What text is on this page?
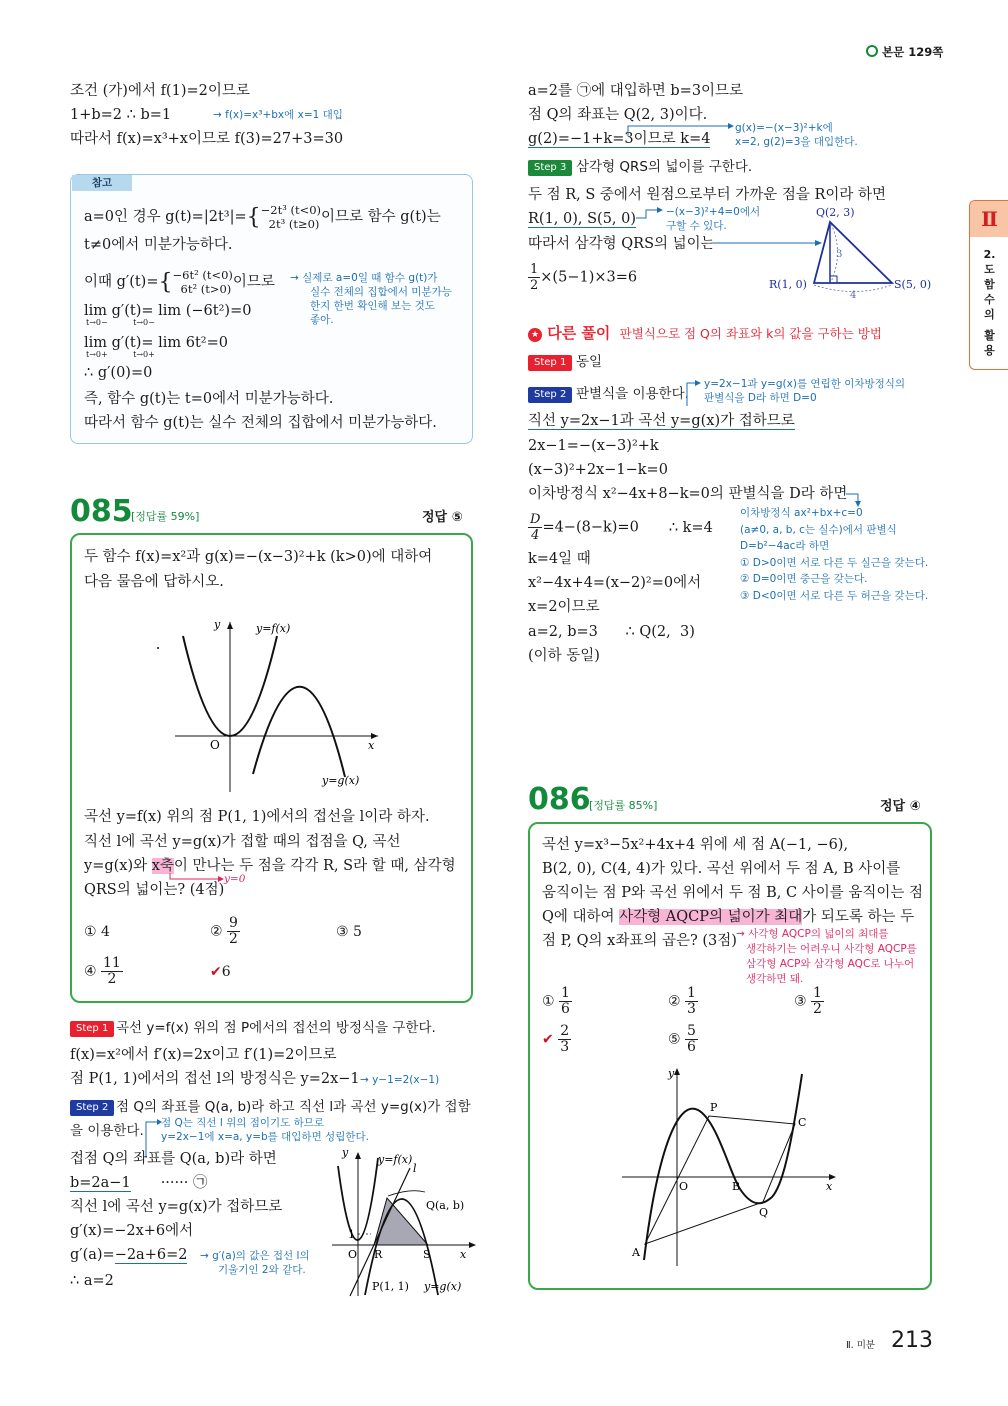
본문 129쪽
Ⅱ
2.
도
함
수
의
활
용
조건 (가)에서 f(1)=2이므로
1+b=2 ∴ b=1	→ f(x)=x³+bx에 x=1 대입
따라서 f(x)=x³+x이므로 f(3)=27+3=30
참고
a=0인 경우 g(t)=|2t³|={ −2t³ (t<0)
2t³ (t≥0) 이므로 함수 g(t)는
t≠0에서 미분가능하다.
이때 g′(t)={ −6t² (t<0)
6t² (t>0) 이므로 → 실제로 a=0일 때 함수 g(t)가
실수 전체의 집합에서 미분가능
한지 한번 확인해 보는 것도
좋아.
lim g′(t)= lim (−6t²)=0
t→0−          t→0−
lim g′(t)= lim 6t²=0
t→0+          t→0+
∴ g′(0)=0
즉, 함수 g(t)는 t=0에서 미분가능하다.
따라서 함수 g(t)는 실수 전체의 집합에서 미분가능하다.
085
[정답률 59%]	정답 ⑤
두 함수 f(x)=x²과 g(x)=−(x−3)²+k (k>0)에 대하여
다음 물음에 답하시오.
y
x
O
y=f(x)
y=g(x)
곡선 y=f(x) 위의 점 P(1, 1)에서의 접선을 l이라 하자.
직선 l에 곡선 y=g(x)가 접할 때의 접점을 Q, 곡선
y=g(x)와 x축이 만나는 두 점을 각각 R, S라 할 때, 삼각형
y=0
QRS의 넓이는? (4점)
① 4	② $\frac{9}{2}$	③ 5
④ $\frac{11}{2}$	✔6
Step 1 곡선 y=f(x) 위의 점 P에서의 접선의 방정식을 구한다.
f(x)=x²에서 f′(x)=2x이고 f′(1)=2이므로
점 P(1, 1)에서의 접선 l의 방정식은 y=2x−1 → y−1=2(x−1)
Step 2 점 Q의 좌표를 Q(a, b)라 하고 직선 l과 곡선 y=g(x)가 접함
을 이용한다. 점 Q는 직선 l 위의 점이기도 하므로
y=2x−1에 x=a, y=b를 대입하면 성립한다.
접점 Q의 좌표를 Q(a, b)라 하면
b=2a−1 ······ ㉠
직선 l에 곡선 y=g(x)가 접하므로
g′(x)=−2x+6에서
g′(a)=−2a+6=2 → g′(a)의 값은 접선 l의
기울기인 2와 같다.
∴ a=2
y
y=f(x)
l
Q(a, b)
1
O R	S	x
P(1, 1) y=g(x)
a=2를 ㉠에 대입하면 b=3이므로
점 Q의 좌표는 Q(2, 3)이다.
g(2)=−1+k=3이므로 k=4
g(x)=−(x−3)²+k에
x=2, g(2)=3을 대입한다.
Step 3 삼각형 QRS의 넓이를 구한다.
두 점 R, S 중에서 원점으로부터 가까운 점을 R이라 하면
R(1, 0), S(5, 0)	−(x−3)²+4=0에서
구할 수 있다.
따라서 삼각형 QRS의 넓이는
$\frac{1}{2} \times(5-1)\times 3=6$
Q(2, 3)
R(1, 0)	S(5, 0)
3
4
★ 다른 풀이 판별식으로 점 Q의 좌표와 k의 값을 구하는 방법
Step 1 동일
Step 2 판별식을 이용한다.
y=2x−1과 y=g(x)를 연립한 이차방정식의
판별식을 D라 하면 D=0
직선 y=2x−1과 곡선 y=g(x)가 접하므로
2x−1=−(x−3)²+k
(x−3)²+2x−1−k=0
이차방정식 x²−4x+8−k=0의 판별식을 D라 하면
$\frac{D}{4} =4-(8-k)=0$ ∴ k=4
이차방정식 ax²+bx+c=0
(a≠0, a, b, c는 실수)에서 판별식
D=b²−4ac라 하면
① D>0이면 서로 다른 두 실근을 갖는다.
② D=0이면 중근을 갖는다.
③ D<0이면 서로 다른 두 허근을 갖는다.
k=4일 때
x²−4x+4=(x−2)²=0에서
x=2이므로
a=2, b=3      ∴ Q(2,  3)
(이하 동일)
086
[정답률 85%]	정답 ④
곡선 y=x³−5x²+4x+4 위에 세 점 A(−1, −6),
B(2, 0), C(4, 4)가 있다. 곡선 위에서 두 점 A, B 사이를
움직이는 점 P와 곡선 위에서 두 점 B, C 사이를 움직이는 점
Q에 대하여 사각형 AQCP의 넓이가 최대가 되도록 하는 두
점 P, Q의 x좌표의 곱은? (3점) → 사각형 AQCP의 넓이의 최대를
생각하기는 어려우니 사각형 AQCP를
삼각형 ACP와 삼각형 AQC로 나누어
생각하면 돼.
① $\frac{1}{6}$	② $\frac{1}{3}$	③ $\frac{1}{2}$
✔ $\frac{2}{3}$	⑤ $\frac{5}{6}$
y
x
O
P
C
B
Q
A
Ⅱ. 미분 213
